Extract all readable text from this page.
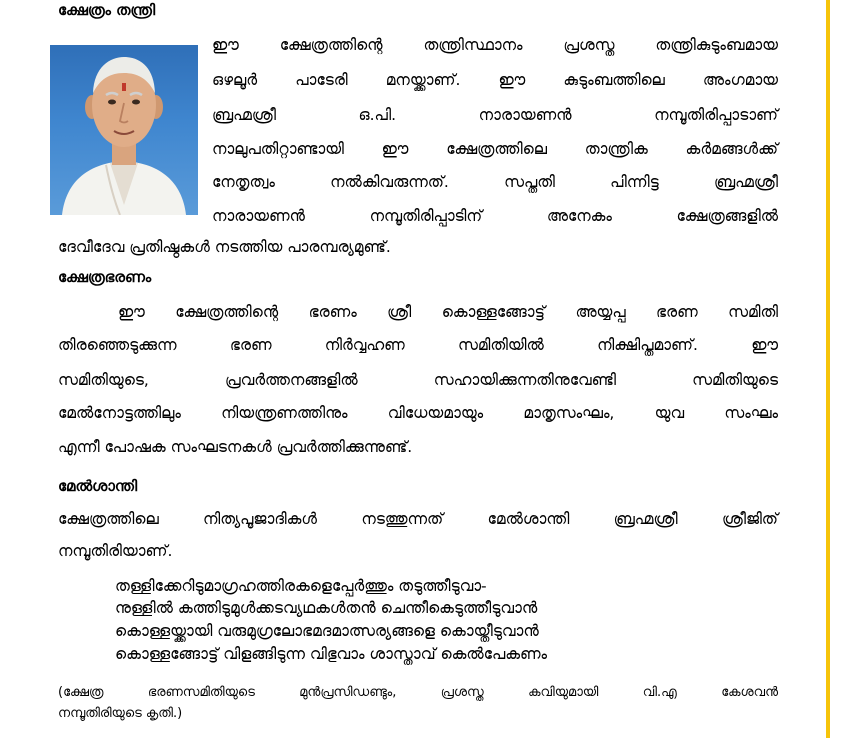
ക്ഷേത്രം തന്ത്രി
ഈ ക്ഷേത്രത്തിന്റെ തന്ത്രിസ്ഥാനം പ്രശസ്ത തന്ത്രികുടുംബമായ
ഒഴലൂർ പാടേരി മനയ്ക്കാണ്. ഈ കുടുംബത്തിലെ അംഗമായ
ബ്രഹ്മശ്രീ ഒ.പി. നാരായണൻ നമ്പൂതിരിപ്പാടാണ്
നാലുപതിറ്റാണ്ടായി ഈ ക്ഷേത്രത്തിലെ താന്ത്രിക കർമങ്ങൾക്ക്
നേതൃത്വം നൽകിവരുന്നത്. സപ്തതി പിന്നിട്ട ബ്രഹ്മശ്രീ
നാരായണൻ നമ്പൂതിരിപ്പാടിന് അനേകം ക്ഷേത്രങ്ങളിൽ
ദേവീദേവ പ്രതിഷ്ഠകൾ നടത്തിയ പാരമ്പര്യമുണ്ട്.
ക്ഷേത്രഭരണം
ഈ ക്ഷേത്രത്തിന്റെ ഭരണം ശ്രീ കൊള്ളങ്ങോട്ട് അയ്യപ്പ ഭരണ സമിതി
തിരഞ്ഞെടുക്കുന്ന ഭരണ നിർവ്വഹണ സമിതിയിൽ നിക്ഷിപ്തമാണ്. ഈ
സമിതിയുടെ, പ്രവർത്തനങ്ങളിൽ സഹായിക്കുന്നതിനുവേണ്ടി സമിതിയുടെ
മേൽനോട്ടത്തിലും നിയന്ത്രണത്തിനും വിധേയമായും മാതൃസംഘം, യുവ സംഘം
എന്നീ പോഷക സംഘടനകൾ പ്രവർത്തിക്കുന്നുണ്ട്.
മേൽശാന്തി
ക്ഷേത്രത്തിലെ നിത്യപൂജാദികൾ നടത്തുന്നത് മേൽശാന്തി ബ്രഹ്മശ്രീ ശ്രീജിത്
നമ്പൂതിരിയാണ്.
തള്ളിക്കേറിടുമാഗ്രഹത്തിരകളെപ്പേർത്തും തടുത്തീടുവാ-
നുള്ളിൽ കത്തിടുമുൾക്കടവ്യഥകൾതൻ ചെന്തീകെടുത്തീടുവാൻ
കൊള്ളയ്ക്കായി വരുമുഗ്രലോഭമദമാത്സര്യങ്ങളെ കൊയ്തീടുവാൻ
കൊള്ളങ്ങോട്ട് വിളങ്ങിടുന്ന വിഭുവാം ശാസ്താവ് കെൽപേകണം
(ക്ഷേത്ര ഭരണസമിതിയുടെ മുൻപ്രസിഡണ്ടും, പ്രശസ്ത കവിയുമായി വി.എ കേശവൻ
നമ്പൂതിരിയുടെ കൃതി.)
